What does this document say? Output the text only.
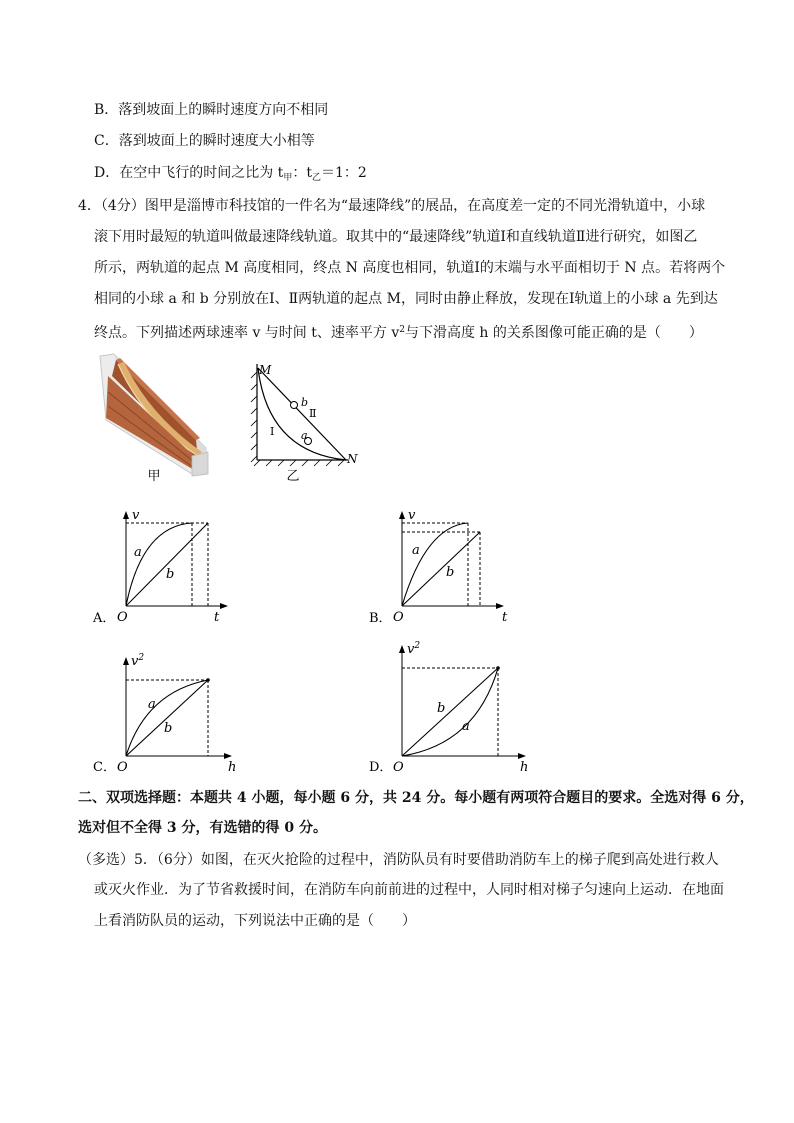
B．落到坡面上的瞬时速度方向不相同
C．落到坡面上的瞬时速度大小相等
D．在空中飞行的时间之比为 $t_甲$：$t_乙=1$：2
4．（4分）图甲是淄博市科技馆的一件名为“最速降线”的展品，在高度差一定的不同光滑轨道中，小球
滚下用时最短的轨道叫做最速降线轨道。取其中的“最速降线”轨道Ⅰ和直线轨道Ⅱ进行研究，如图乙
所示，两轨道的起点 M 高度相同，终点 N 高度也相同，轨道Ⅰ的末端与水平面相切于 N 点。若将两个
相同的小球 a 和 b 分别放在Ⅰ、Ⅱ两轨道的起点 M，同时由静止释放，发现在Ⅰ轨道上的小球 a 先到达
终点。下列描述两球速率 v 与时间 t、速率平方 $v^2$与下滑高度 h 的关系图像可能正确的是（　　）
甲
M
N
b
a
Ⅰ
Ⅱ
乙
A． O
v
t
a
b
B． O
v
t
a
b
C． O
$v^2$
h
a
b
D． O
$v^2$
h
b
a
二、双项选择题：本题共 4 小题，每小题 6 分，共 24 分。每小题有两项符合题目的要求。全选对得 6 分，
选对但不全得 3 分，有选错的得 0 分。
（多选）5．（6分）如图，在灭火抢险的过程中，消防队员有时要借助消防车上的梯子爬到高处进行救人
或灭火作业．为了节省救援时间，在消防车向前前进的过程中，人同时相对梯子匀速向上运动．在地面
上看消防队员的运动，下列说法中正确的是（　　）
